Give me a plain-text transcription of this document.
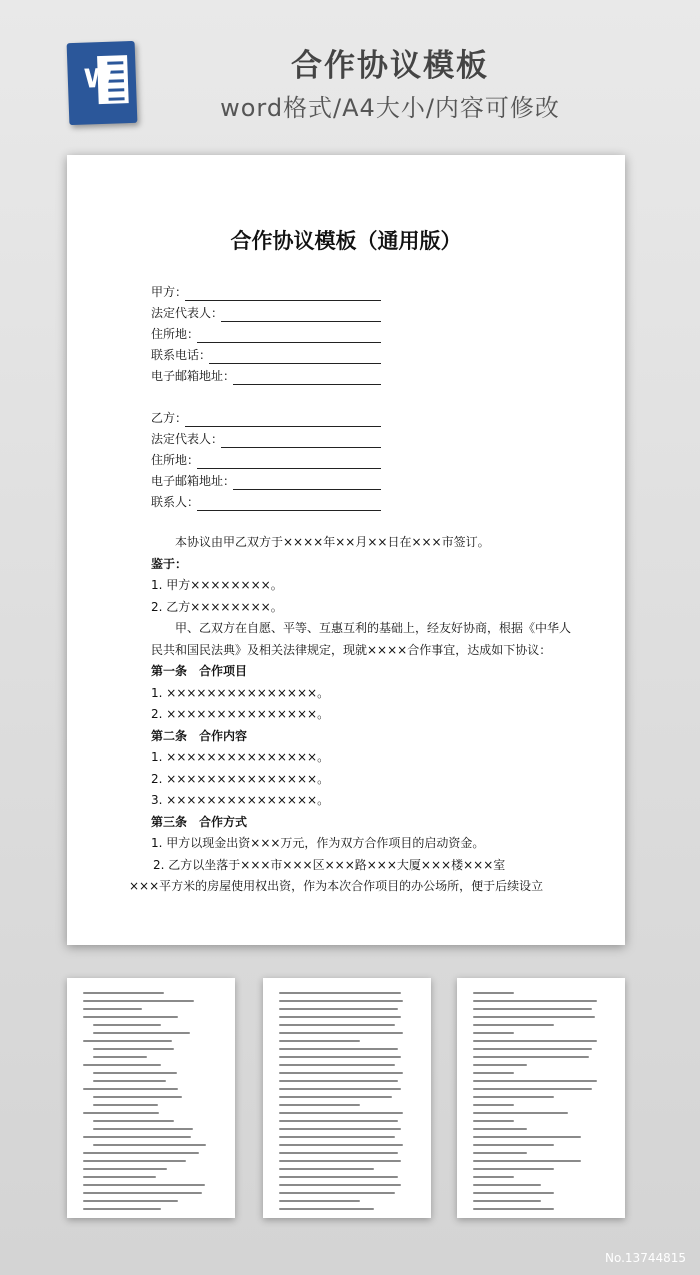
W	合作协议模板
word格式/A4大小/内容可修改
合作协议模板（通用版）
甲方：
法定代表人：
住所地：
联系电话：
电子邮箱地址：
乙方：
法定代表人：
住所地：
电子邮箱地址：
联系人：

　　本协议由甲乙双方于××××年××月××日在×××市签订。

鉴于：

1. 甲方××××××××。

2. 乙方××××××××。

　　甲、乙双方在自愿、平等、互惠互利的基础上，经友好协商，根据《中华人

民共和国民法典》及相关法律规定，现就××××合作事宜，达成如下协议：

第一条　合作项目

1. ×××××××××××××××。

2. ×××××××××××××××。

第二条　合作内容

1. ×××××××××××××××。

2. ×××××××××××××××。

3. ×××××××××××××××。

第三条　合作方式

1. 甲方以现金出资×××万元，作为双方合作项目的启动资金。

　　2. 乙方以坐落于×××市×××区×××路×××大厦×××楼×××室

×××平方米的房屋使用权出资，作为本次合作项目的办公场所，便于后续设立

No.13744815
